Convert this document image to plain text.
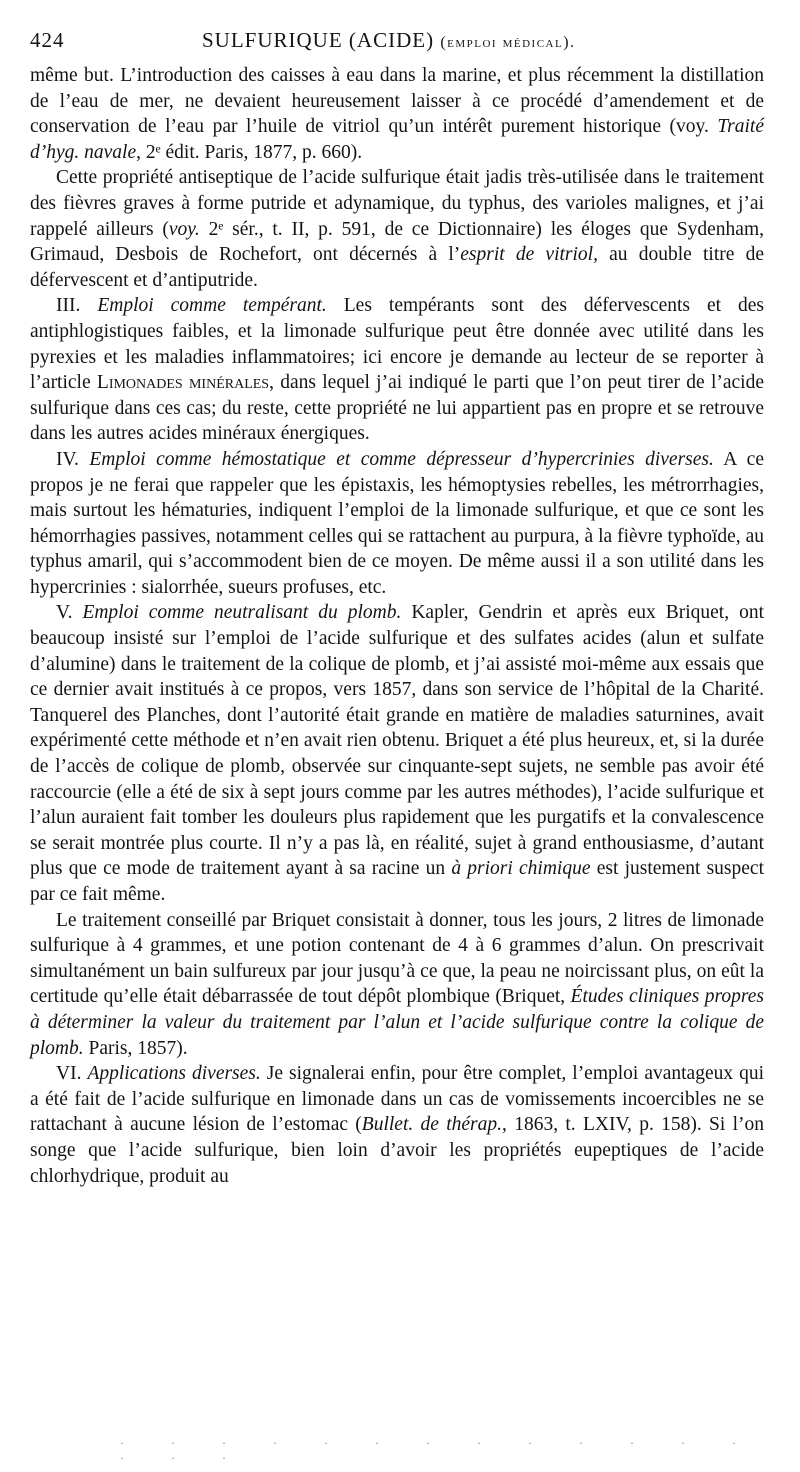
424	SULFURIQUE (ACIDE) (emploi médical).

même but. L’introduction des caisses à eau dans la marine, et plus récemment la distillation de l’eau de mer, ne devaient heureusement laisser à ce procédé d’amendement et de conservation de l’eau par l’huile de vitriol qu’un intérêt purement historique (voy. Traité d’hyg. navale, 2ᵉ édit. Paris, 1877, p. 660).

Cette propriété antiseptique de l’acide sulfurique était jadis très-utilisée dans le traitement des fièvres graves à forme putride et adynamique, du typhus, des varioles malignes, et j’ai rappelé ailleurs (voy. 2ᵉ sér., t. II, p. 591, de ce Dictionnaire) les éloges que Sydenham, Grimaud, Desbois de Rochefort, ont décernés à l’esprit de vitriol, au double titre de défervescent et d’antiputride.

III. Emploi comme tempérant. Les tempérants sont des défervescents et des antiphlogistiques faibles, et la limonade sulfurique peut être donnée avec utilité dans les pyrexies et les maladies inflammatoires; ici encore je demande au lecteur de se reporter à l’article Limonades minérales, dans lequel j’ai indiqué le parti que l’on peut tirer de l’acide sulfurique dans ces cas; du reste, cette propriété ne lui appartient pas en propre et se retrouve dans les autres acides minéraux énergiques.

IV. Emploi comme hémostatique et comme dépresseur d’hypercrinies diverses. A ce propos je ne ferai que rappeler que les épistaxis, les hémoptysies rebelles, les métrorrhagies, mais surtout les hématuries, indiquent l’emploi de la limonade sulfurique, et que ce sont les hémorrhagies passives, notamment celles qui se rattachent au purpura, à la fièvre typhoïde, au typhus amaril, qui s’accommodent bien de ce moyen. De même aussi il a son utilité dans les hypercrinies : sialorrhée, sueurs profuses, etc.

V. Emploi comme neutralisant du plomb. Kapler, Gendrin et après eux Briquet, ont beaucoup insisté sur l’emploi de l’acide sulfurique et des sulfates acides (alun et sulfate d’alumine) dans le traitement de la colique de plomb, et j’ai assisté moi-même aux essais que ce dernier avait institués à ce propos, vers 1857, dans son service de l’hôpital de la Charité. Tanquerel des Planches, dont l’autorité était grande en matière de maladies saturnines, avait expérimenté cette méthode et n’en avait rien obtenu. Briquet a été plus heureux, et, si la durée de l’accès de colique de plomb, observée sur cinquante-sept sujets, ne semble pas avoir été raccourcie (elle a été de six à sept jours comme par les autres méthodes), l’acide sulfurique et l’alun auraient fait tomber les douleurs plus rapidement que les purgatifs et la convalescence se serait montrée plus courte. Il n’y a pas là, en réalité, sujet à grand enthousiasme, d’autant plus que ce mode de traitement ayant à sa racine un à priori chimique est justement suspect par ce fait même.

Le traitement conseillé par Briquet consistait à donner, tous les jours, 2 litres de limonade sulfurique à 4 grammes, et une potion contenant de 4 à 6 grammes d’alun. On prescrivait simultanément un bain sulfureux par jour jusqu’à ce que, la peau ne noircissant plus, on eût la certitude qu’elle était débarrassée de tout dépôt plombique (Briquet, Études cliniques propres à déterminer la valeur du traitement par l’alun et l’acide sulfurique contre la colique de plomb. Paris, 1857).

VI. Applications diverses. Je signalerai enfin, pour être complet, l’emploi avantageux qui a été fait de l’acide sulfurique en limonade dans un cas de vomissements incoercibles ne se rattachant à aucune lésion de l’estomac (Bullet. de thérap., 1863, t. LXIV, p. 158). Si l’on songe que l’acide sulfurique, bien loin d’avoir les propriétés eupeptiques de l’acide chlorhydrique, produit au

· · · · · · · · · · · · · · · ·
